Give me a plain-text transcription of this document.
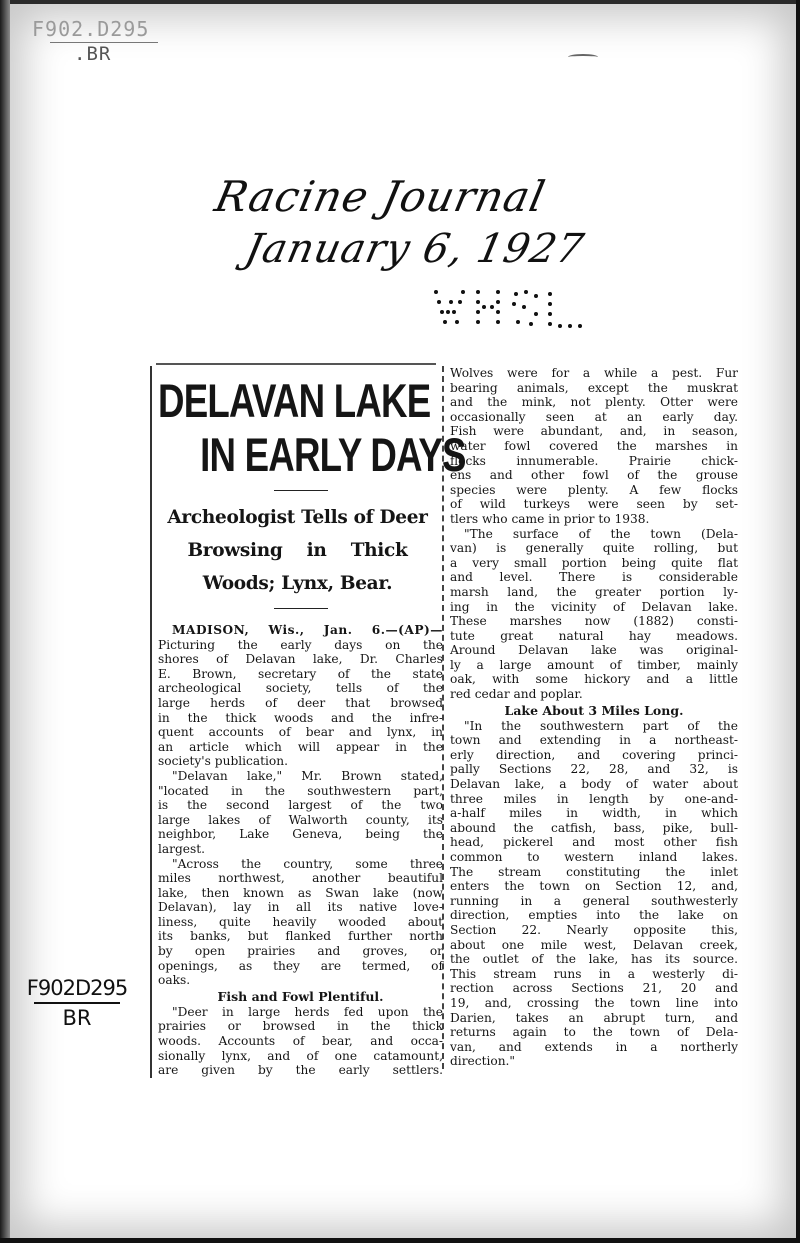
F902.D295
.BR
Racine Journal
January 6, 1927
F902D295
BR
DELAVAN LAKE
IN EARLY DAYS
Archeologist Tells of Deer
Browsing in Thick
Woods; Lynx, Bear.
MADISON, Wis., Jan. 6.—(AP)—
Picturing the early days on the
shores of Delavan lake, Dr. Charles
E. Brown, secretary of the state
archeological society, tells of the
large herds of deer that browsed
in the thick woods and the infre-
quent accounts of bear and lynx, in
an article which will appear in the
society's publication.
"Delavan lake," Mr. Brown stated,
"located in the southwestern part,
is the second largest of the two
large lakes of Walworth county, its
neighbor, Lake Geneva, being the
largest.
"Across the country, some three
miles northwest, another beautiful
lake, then known as Swan lake (now
Delavan), lay in all its native love-
liness, quite heavily wooded about
its banks, but flanked further north
by open prairies and groves, or
openings, as they are termed, of
oaks.
Fish and Fowl Plentiful.
"Deer in large herds fed upon the
prairies or browsed in the thick
woods. Accounts of bear, and occa-
sionally lynx, and of one catamount,
are given by the early settlers.
Wolves were for a while a pest. Fur
bearing animals, except the muskrat
and the mink, not plenty. Otter were
occasionally seen at an early day.
Fish were abundant, and, in season,
water fowl covered the marshes in
flocks innumerable. Prairie chick-
ens and other fowl of the grouse
species were plenty. A few flocks
of wild turkeys were seen by set-
tlers who came in prior to 1938.
"The surface of the town (Dela-
van) is generally quite rolling, but
a very small portion being quite flat
and level. There is considerable
marsh land, the greater portion ly-
ing in the vicinity of Delavan lake.
These marshes now (1882) consti-
tute great natural hay meadows.
Around Delavan lake was original-
ly a large amount of timber, mainly
oak, with some hickory and a little
red cedar and poplar.
Lake About 3 Miles Long.
"In the southwestern part of the
town and extending in a northeast-
erly direction, and covering princi-
pally Sections 22, 28, and 32, is
Delavan lake, a body of water about
three miles in length by one-and-
a-half miles in width, in which
abound the catfish, bass, pike, bull-
head, pickerel and most other fish
common to western inland lakes.
The stream constituting the inlet
enters the town on Section 12, and,
running in a general southwesterly
direction, empties into the lake on
Section 22. Nearly opposite this,
about one mile west, Delavan creek,
the outlet of the lake, has its source.
This stream runs in a westerly di-
rection across Sections 21, 20 and
19, and, crossing the town line into
Darien, takes an abrupt turn, and
returns again to the town of Dela-
van, and extends in a northerly
direction."
